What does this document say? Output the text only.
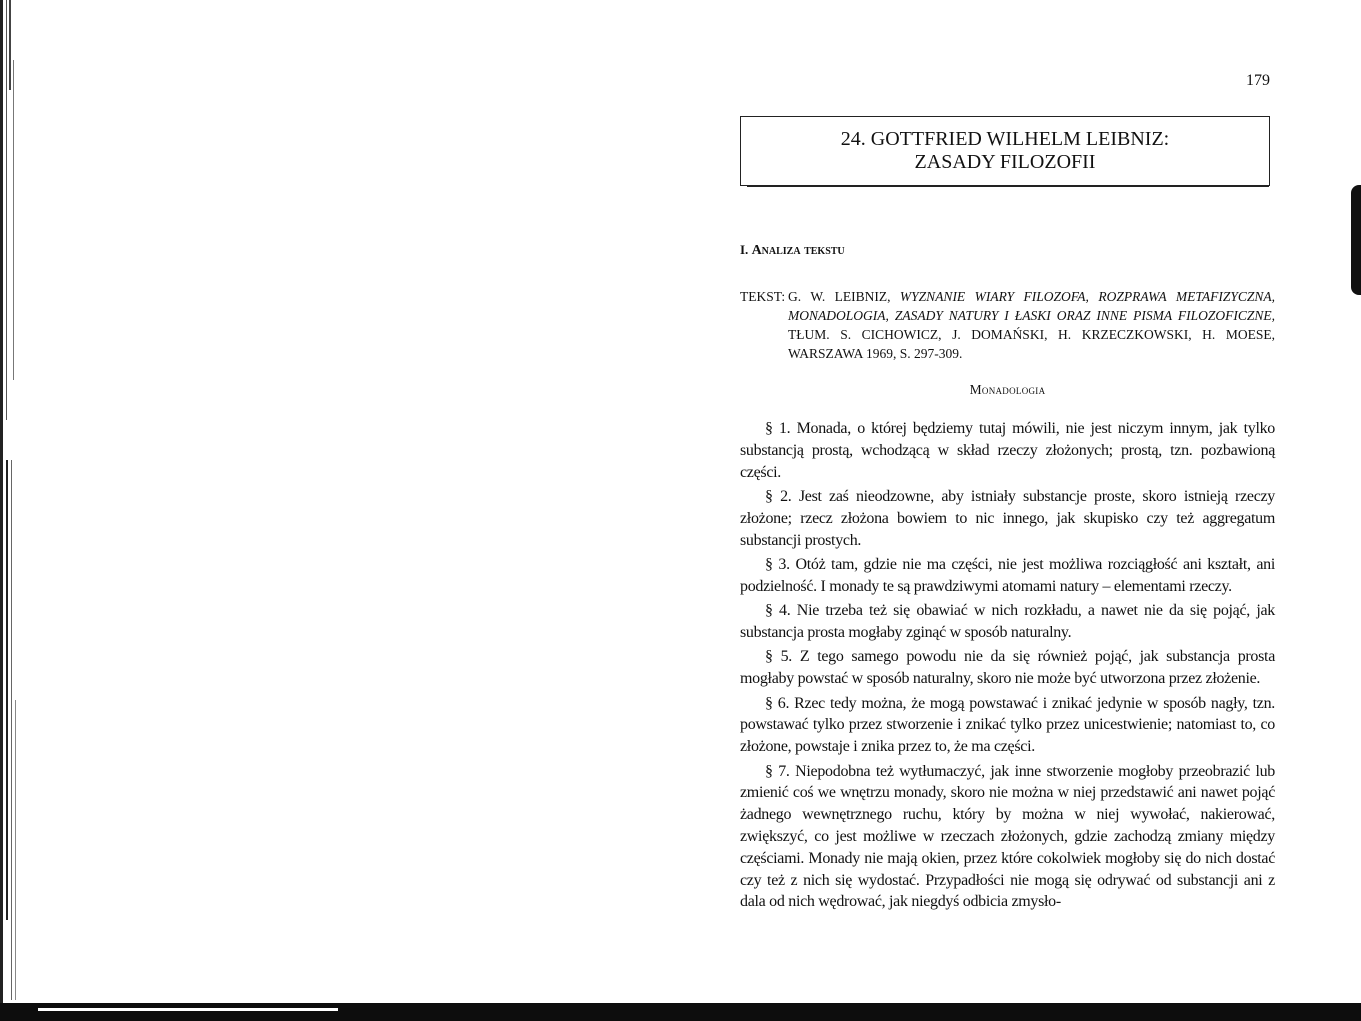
179
24. GOTTFRIED WILHELM LEIBNIZ:
ZASADY FILOZOFII
I. Analiza tekstu
TEKST: G. W. LEIBNIZ, WYZNANIE WIARY FILOZOFA, ROZPRAWA METAFIZYCZNA, MONADOLOGIA, ZASADY NATURY I ŁASKI ORAZ INNE PISMA FILOZOFICZNE, TŁUM. S. CICHOWICZ, J. DOMAŃSKI, H. KRZECZKOWSKI, H. MOESE, WARSZAWA 1969, S. 297-309.
Monadologia

§ 1. Monada, o której będziemy tutaj mówili, nie jest niczym innym, jak tylko substancją prostą, wchodzącą w skład rzeczy złożonych; prostą, tzn. pozbawioną części.

§ 2. Jest zaś nieodzowne, aby istniały substancje proste, skoro istnieją rzeczy złożone; rzecz złożona bowiem to nic innego, jak skupisko czy też aggregatum substancji prostych.

§ 3. Otóż tam, gdzie nie ma części, nie jest możliwa rozciągłość ani kształt, ani podzielność. I monady te są prawdziwymi atomami natury – elementami rzeczy.

§ 4. Nie trzeba też się obawiać w nich rozkładu, a nawet nie da się pojąć, jak substancja prosta mogłaby zginąć w sposób naturalny.

§ 5. Z tego samego powodu nie da się również pojąć, jak substancja prosta mogłaby powstać w sposób naturalny, skoro nie może być utworzona przez złożenie.

§ 6. Rzec tedy można, że mogą powstawać i znikać jedynie w sposób nagły, tzn. powstawać tylko przez stworzenie i znikać tylko przez unicestwienie; natomiast to, co złożone, powstaje i znika przez to, że ma części.

§ 7. Niepodobna też wytłumaczyć, jak inne stworzenie mogłoby przeobrazić lub zmienić coś we wnętrzu monady, skoro nie można w niej przedstawić ani nawet pojąć żadnego wewnętrznego ruchu, który by można w niej wywołać, nakierować, zwiększyć, co jest możliwe w rzeczach złożonych, gdzie zachodzą zmiany między częściami. Monady nie mają okien, przez które cokolwiek mogłoby się do nich dostać czy też z nich się wydostać. Przypadłości nie mogą się odrywać od substancji ani z dala od nich wędrować, jak niegdyś odbicia zmysło-
